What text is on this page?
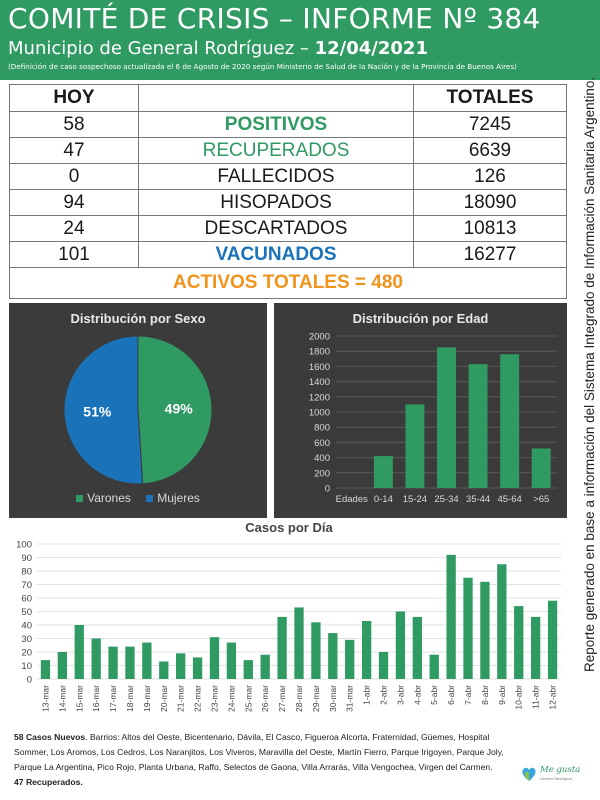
COMITÉ DE CRISIS – INFORME Nº 384
Municipio de General Rodríguez – 12/04/2021
(Definición de caso sospechoso actualizada el 6 de Agosto de 2020 según Ministerio de Salud de la Nación y de la Provincia de Buenos Aires)
HOY		TOTALES
58	POSITIVOS	7245
47	RECUPERADOS	6639
0	FALLECIDOS	126
94	HISOPADOS	18090
24	DESCARTADOS	10813
101	VACUNADOS	16277
ACTIVOS TOTALES = 480			Reporte generado en base a información del Sistema Integrado de Información Sanitaria Argentino.
Distribución por Sexo
49%
51%
Varones Mujeres
Distribución por Edad
0
200
400
600
800
1000
1200
1400
1600
1800
2000
Edades 0-14 15-24 25-34 35-44 45-64 >65
Casos por Día
0
10
20
30
40
50
60
70
80
90
100
13-mar 14-mar 15-mar 16-mar 17-mar 18-mar 19-mar 20-mar 21-mar 22-mar 23-mar 24-mar 25-mar 26-mar 27-mar 28-mar 29-mar 30-mar 31-mar 1-abr 2-abr 3-abr 4-abr 5-abr 6-abr 7-abr 8-abr 9-abr 10-abr 11-abr 12-abr
58 Casos Nuevos. Barrios: Altos del Oeste, Bicentenario, Dávila, El Casco, Figueroa Alcorta, Fraternidad, Güemes, Hospital Sommer, Los Aromos, Los Cedros, Los Naranjitos, Los Viveros, Maravilla del Oeste, Martín Fierro, Parque Irigoyen, Parque Joly, Parque La Argentina, Pico Rojo, Planta Urbana, Raffo, Selectos de Gaona, Villa Arrarás, Villa Vengochea, Virgen del Carmen.
47 Recuperados.
Me gusta
General Rodríguez
